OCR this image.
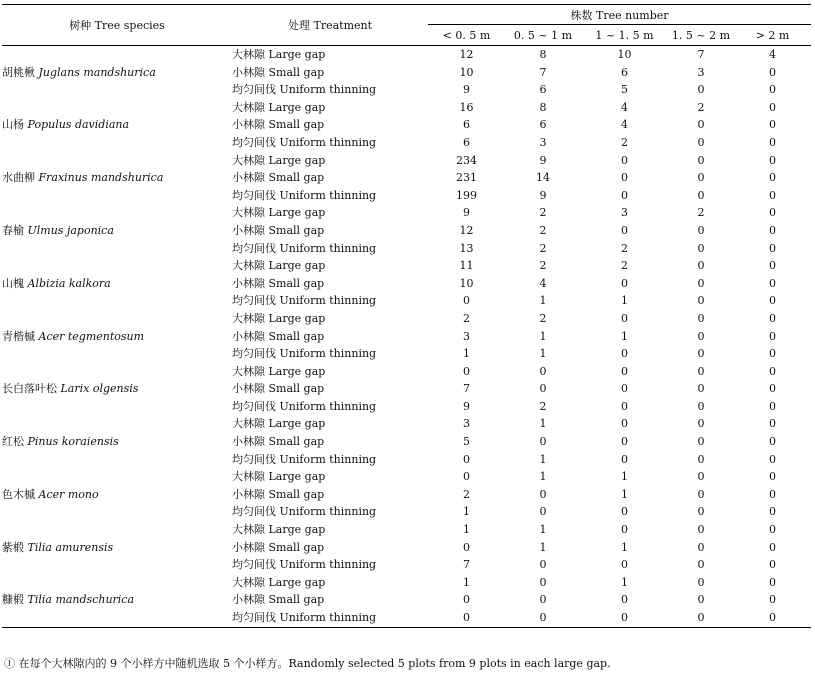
树种 Tree species	处理 Treatment	株数 Tree number				
		< 0. 5 m	0. 5 ~ 1 m	1 ~ 1. 5 m	1. 5 ~ 2 m	> 2 m
胡桃楸 Juglans mandshurica	大林隙 Large gap	12	8	10	7	4
	小林隙 Small gap	10	7	6	3	0
	均匀间伐 Uniform thinning	9	6	5	0	0
山杨 Populus davidiana	大林隙 Large gap	16	8	4	2	0
	小林隙 Small gap	6	6	4	0	0
	均匀间伐 Uniform thinning	6	3	2	0	0
水曲柳 Fraxinus mandshurica	大林隙 Large gap	234	9	0	0	0
	小林隙 Small gap	231	14	0	0	0
	均匀间伐 Uniform thinning	199	9	0	0	0
春榆 Ulmus japonica	大林隙 Large gap	9	2	3	2	0
	小林隙 Small gap	12	2	0	0	0
	均匀间伐 Uniform thinning	13	2	2	0	0
山槐 Albizia kalkora	大林隙 Large gap	11	2	2	0	0
	小林隙 Small gap	10	4	0	0	0
	均匀间伐 Uniform thinning	0	1	1	0	0
青楷槭 Acer tegmentosum	大林隙 Large gap	2	2	0	0	0
	小林隙 Small gap	3	1	1	0	0
	均匀间伐 Uniform thinning	1	1	0	0	0
长白落叶松 Larix olgensis	大林隙 Large gap	0	0	0	0	0
	小林隙 Small gap	7	0	0	0	0
	均匀间伐 Uniform thinning	9	2	0	0	0
红松 Pinus koraiensis	大林隙 Large gap	3	1	0	0	0
	小林隙 Small gap	5	0	0	0	0
	均匀间伐 Uniform thinning	0	1	0	0	0
色木槭 Acer mono	大林隙 Large gap	0	1	1	0	0
	小林隙 Small gap	2	0	1	0	0
	均匀间伐 Uniform thinning	1	0	0	0	0
紫椴 Tilia amurensis	大林隙 Large gap	1	1	0	0	0
	小林隙 Small gap	0	1	1	0	0
	均匀间伐 Uniform thinning	7	0	0	0	0
糠椴 Tilia mandschurica	大林隙 Large gap	1	0	1	0	0
	小林隙 Small gap	0	0	0	0	0
	均匀间伐 Uniform thinning	0	0	0	0	0
① 在每个大林隙内的 9 个小样方中随机选取 5 个小样方。Randomly selected 5 plots from 9 plots in each large gap.
